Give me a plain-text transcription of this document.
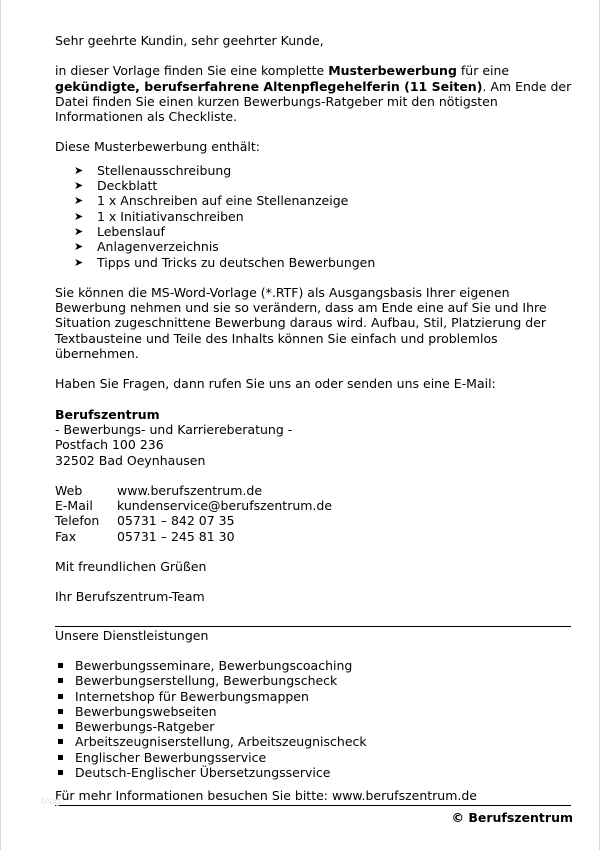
Sehr geehrte Kundin, sehr geehrter Kunde,

in dieser Vorlage finden Sie eine komplette Musterbewerbung für eine gekündigte, berufserfahrene Altenpflegehelferin (11 Seiten). Am Ende der Datei finden Sie einen kurzen Bewerbungs-Ratgeber mit den nötigsten Informationen als Checkliste.

Diese Musterbewerbung enthält:

➤ Stellenausschreibung
➤ Deckblatt
➤ 1 x Anschreiben auf eine Stellenanzeige
➤ 1 x Initiativanschreiben
➤ Lebenslauf
➤ Anlagenverzeichnis
➤ Tipps und Tricks zu deutschen Bewerbungen

Sie können die MS-Word-Vorlage (*.RTF) als Ausgangsbasis Ihrer eigenen Bewerbung nehmen und sie so verändern, dass am Ende eine auf Sie und Ihre Situation zugeschnittene Bewerbung daraus wird. Aufbau, Stil, Platzierung der Textbausteine und Teile des Inhalts können Sie einfach und problemlos übernehmen.

Haben Sie Fragen, dann rufen Sie uns an oder senden uns eine E-Mail:

Berufszentrum

- Bewerbungs- und Karriereberatung -

Postfach 100 236

32502 Bad Oeynhausen

Web	www.berufszentrum.de
E-Mail	kundenservice@berufszentrum.de
Telefon	05731 – 842 07 35
Fax	05731 – 245 81 30

Mit freundlichen Grüßen

Ihr Berufszentrum-Team

Unsere Dienstleistungen

Bewerbungsseminare, Bewerbungscoaching
Bewerbungserstellung, Bewerbungscheck
Internetshop für Bewerbungsmappen
Bewerbungswebseiten
Bewerbungs-Ratgeber
Arbeitszeugniserstellung, Arbeitszeugnischeck
Englischer Bewerbungsservice
Deutsch-Englischer Übersetzungsservice

Für mehr Informationen besuchen Sie bitte: www.berufszentrum.de

© Berufszentrum
blog
